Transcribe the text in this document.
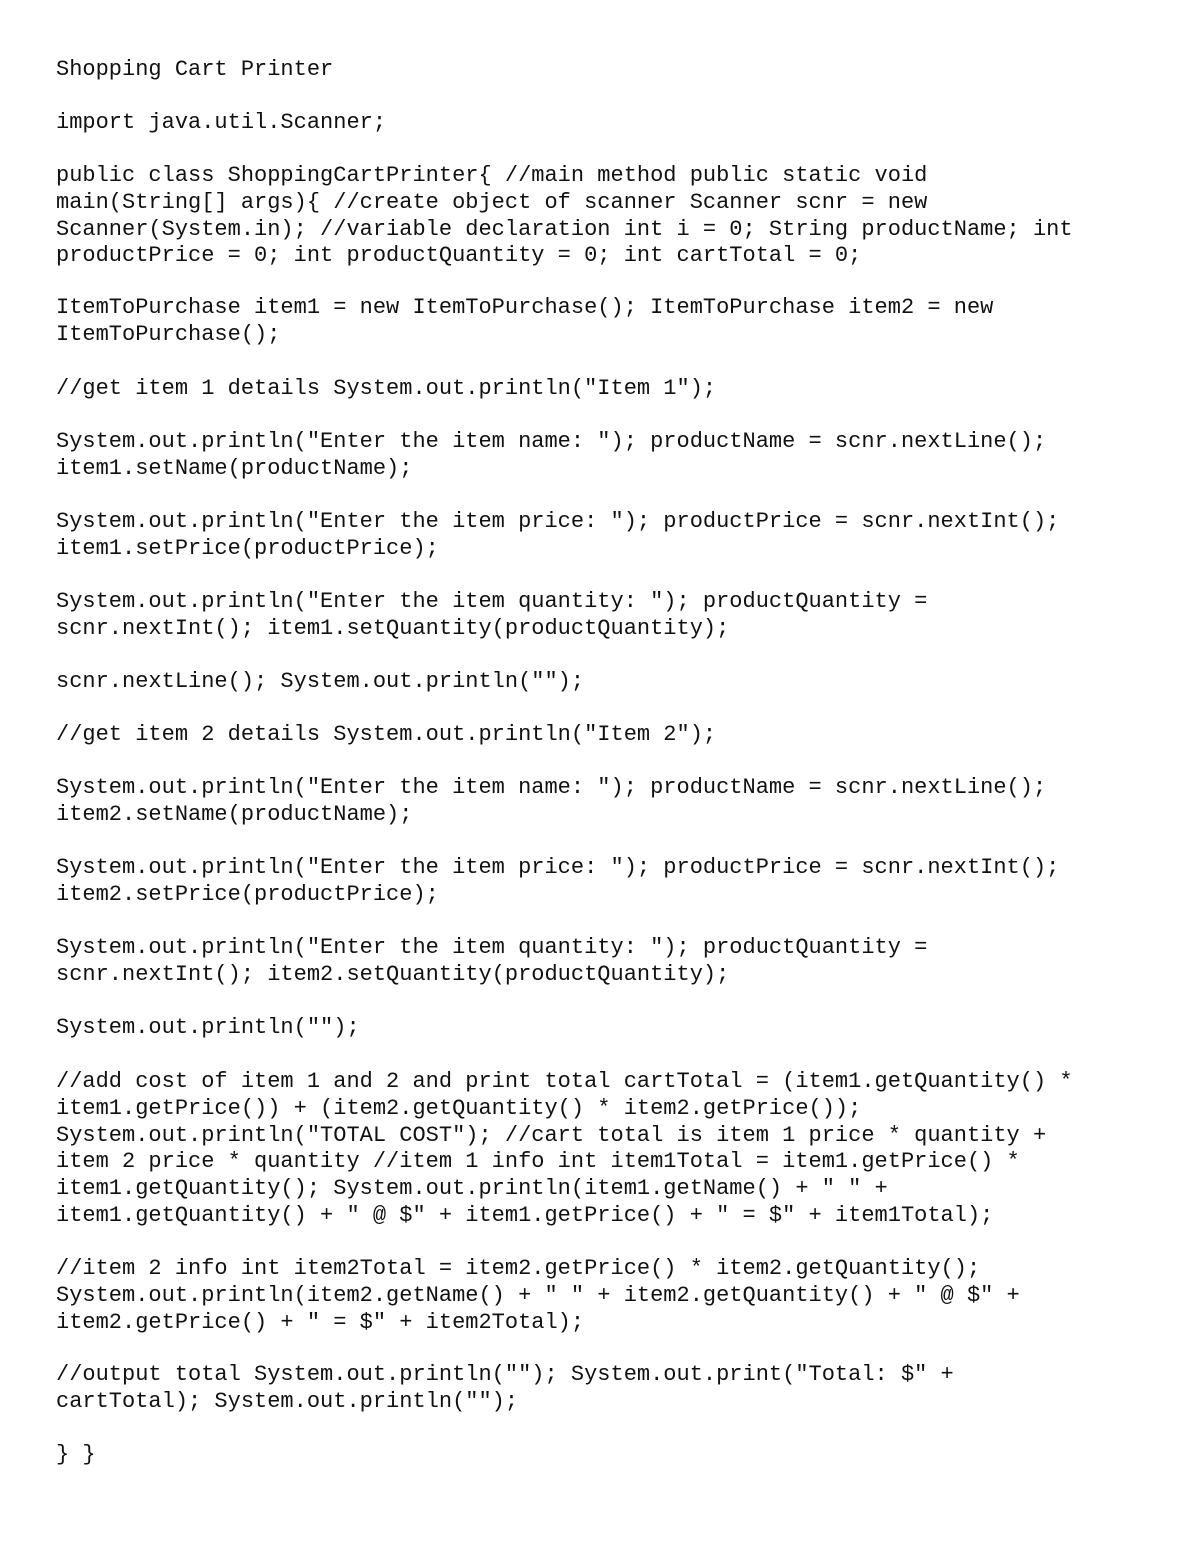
Shopping Cart Printer

import java.util.Scanner;

public class ShoppingCartPrinter{ //main method public static void

main(String[] args){ //create object of scanner Scanner scnr = new

Scanner(System.in); //variable declaration int i = 0; String productName; int

productPrice = 0; int productQuantity = 0; int cartTotal = 0;

ItemToPurchase item1 = new ItemToPurchase(); ItemToPurchase item2 = new

ItemToPurchase();

//get item 1 details System.out.println("Item 1");

System.out.println("Enter the item name: "); productName = scnr.nextLine();

item1.setName(productName);

System.out.println("Enter the item price: "); productPrice = scnr.nextInt();

item1.setPrice(productPrice);

System.out.println("Enter the item quantity: "); productQuantity =

scnr.nextInt(); item1.setQuantity(productQuantity);

scnr.nextLine(); System.out.println("");

//get item 2 details System.out.println("Item 2");

System.out.println("Enter the item name: "); productName = scnr.nextLine();

item2.setName(productName);

System.out.println("Enter the item price: "); productPrice = scnr.nextInt();

item2.setPrice(productPrice);

System.out.println("Enter the item quantity: "); productQuantity =

scnr.nextInt(); item2.setQuantity(productQuantity);

System.out.println("");

//add cost of item 1 and 2 and print total cartTotal = (item1.getQuantity() *

item1.getPrice()) + (item2.getQuantity() * item2.getPrice());

System.out.println("TOTAL COST"); //cart total is item 1 price * quantity +

item 2 price * quantity //item 1 info int item1Total = item1.getPrice() *

item1.getQuantity(); System.out.println(item1.getName() + " " +

item1.getQuantity() + " @ $" + item1.getPrice() + " = $" + item1Total);

//item 2 info int item2Total = item2.getPrice() * item2.getQuantity();

System.out.println(item2.getName() + " " + item2.getQuantity() + " @ $" +

item2.getPrice() + " = $" + item2Total);

//output total System.out.println(""); System.out.print("Total: $" +

cartTotal); System.out.println("");

} }
